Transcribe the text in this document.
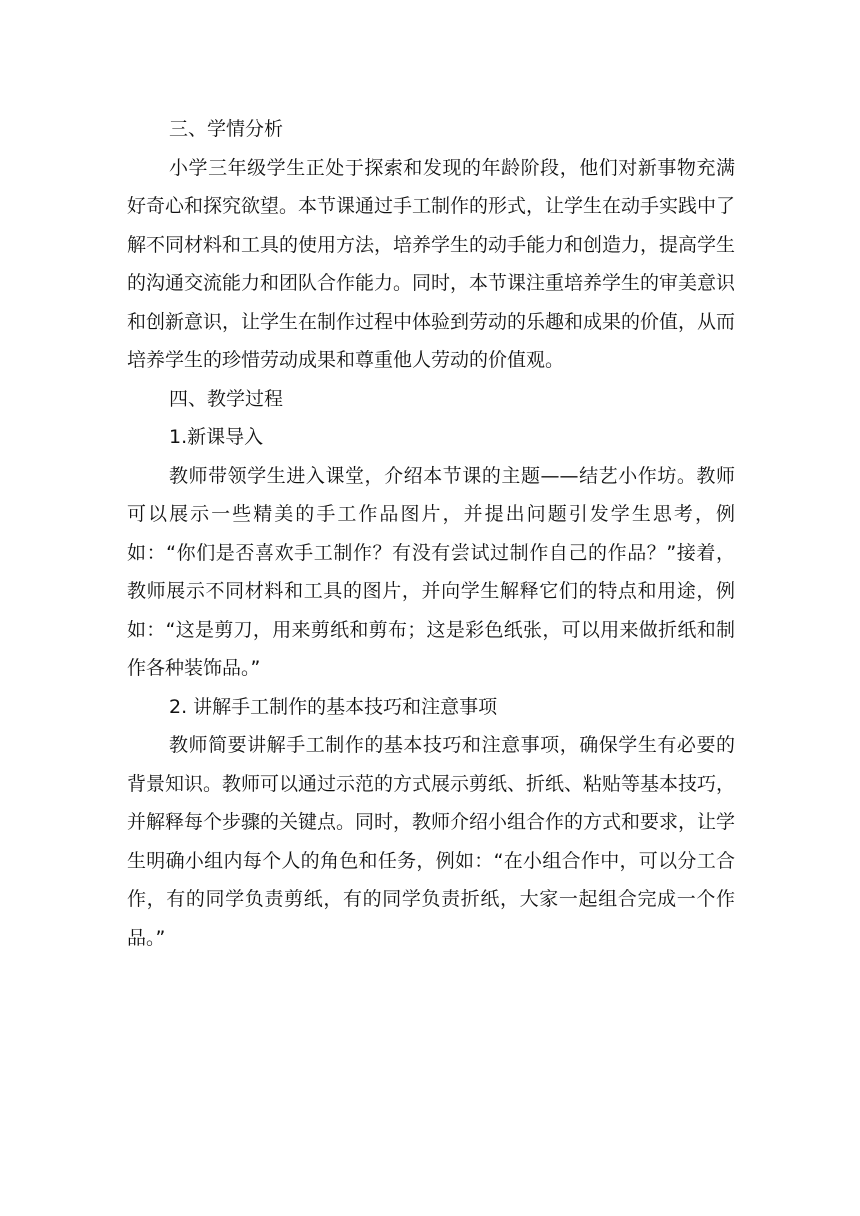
三、学情分析

小学三年级学生正处于探索和发现的年龄阶段，他们对新事物充满好奇心和探究欲望。本节课通过手工制作的形式，让学生在动手实践中了解不同材料和工具的使用方法，培养学生的动手能力和创造力，提高学生的沟通交流能力和团队合作能力。同时，本节课注重培养学生的审美意识和创新意识，让学生在制作过程中体验到劳动的乐趣和成果的价值，从而培养学生的珍惜劳动成果和尊重他人劳动的价值观。

四、教学过程

1.新课导入

教师带领学生进入课堂，介绍本节课的主题——结艺小作坊。教师可以展示一些精美的手工作品图片，并提出问题引发学生思考，例如：“你们是否喜欢手工制作？有没有尝试过制作自己的作品？”接着，教师展示不同材料和工具的图片，并向学生解释它们的特点和用途，例如：“这是剪刀，用来剪纸和剪布；这是彩色纸张，可以用来做折纸和制作各种装饰品。”

2. 讲解手工制作的基本技巧和注意事项

教师简要讲解手工制作的基本技巧和注意事项，确保学生有必要的背景知识。教师可以通过示范的方式展示剪纸、折纸、粘贴等基本技巧，并解释每个步骤的关键点。同时，教师介绍小组合作的方式和要求，让学生明确小组内每个人的角色和任务，例如：“在小组合作中，可以分工合作，有的同学负责剪纸，有的同学负责折纸，大家一起组合完成一个作品。”
